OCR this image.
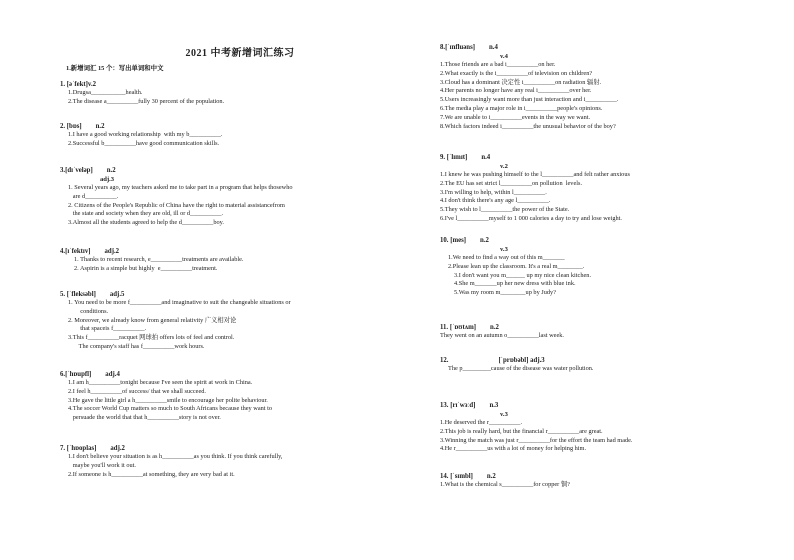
2021 中考新增词汇练习
1.新增词汇 15 个：写出单词和中文
1. [əˈfekt]v.2
1.Drugsa___________health.
2.The disease a__________fully 30 percent of the population.
2. [bɒs] n.2
1.I have a good working relationship  with my b__________.
2.Successful b__________have good communication skills.
3.[dɪˈvelǝp] n.2
adj.3
1. Several years ago, my teachers asked me to take part in a program that helps thosewho
are d__________.
2. Citizens of the People's Republic of China have the right to material assistancefrom
the state and society when they are old, ill or d__________.
3.Almost all the students agreed to help the d__________boy.
4.[ɪˈfektɪv] adj.2
1. Thanks to recent research, e__________treatments are available.
2. Aspirin is a simple but highly  e__________treatment.
5. [ˈfleksǝbl] adj.5
1. You need to be more f__________and imaginative to suit the changeable situations or
conditions.
2. Moreover, we already know from general relativity 广义相对论
that spaceis f__________.
3.This f__________racquet 网球拍 offers lots of feel and control.
The company's staff has f__________work hours.
6.[ˈhɒupfl] adj.4
1.I am h__________tonight because I've seen the spirit at work in China.
2.I feel h__________of success/ that we shall succeed.
3.He gave the little girl a h__________smile to encourage her polite behaviour.
4.The soccer World Cup matters so much to South Africans because they want to
persuade the world that that h__________story is not over.
7. [ˈhɒoplas] adj.2
1.I don't believe your situation is as h__________as you think. If you think carefully,
maybe you'll work it out.
2.If someone is h__________at something, they are very bad at it.
8.[ˈɪnfluəns] n.4
v.4
1.Those friends are a bad i__________on her.
2.What exactly is the i__________of television on children?
3.Cloud has a dominant 决定性 i__________on radiation 辐射.
4.Her parents no longer have any real i__________over her.
5.Users increasingly want more than just interaction and i__________.
6.The media play a major role in i__________people's opinions.
7.We are unable to i__________events in the way we want.
8.Which factors indeed i__________the unusual behavior of the boy?
9. [ˈlɪmɪt] n.4
v.2
1.I knew he was pushing himself to the l__________and felt rather anxious
2.The EU has set strict l__________on pollution  levels.
3.I'm willing to help, within l__________.
4.I don't think there's any age l__________.
5.They wish to l__________the power of the State.
6.I've l__________myself to 1 000 calories a day to try and lose weight.
10. [mes] n.2
v.3
1.We need to find a way out of this m_______
2.Please lean up the classroom. It's a real m________.
3.I don't want you m______ up my nice clean kitchen.
4.She m_______up her new dress with blue ink.
5.Was my room m________up by Judy?
11. [ˈɒʊtʌm] n.2
They went on an autumn o__________last week.
12.	[ˈprɒbǝbl] adj.3
The p_________cause of the disease was water pollution.
13. [rɪˈwɜːd] n.3
v.3
1.He deserved the r__________.
2.This job is really hard, but the financial r__________are great.
3.Winning the match was just r__________for the effort the team had made.
4.He r__________us with a lot of money for helping him.
14. [ˈsɪmbl] n.2
1.What is the chemical s__________for copper 铜?
